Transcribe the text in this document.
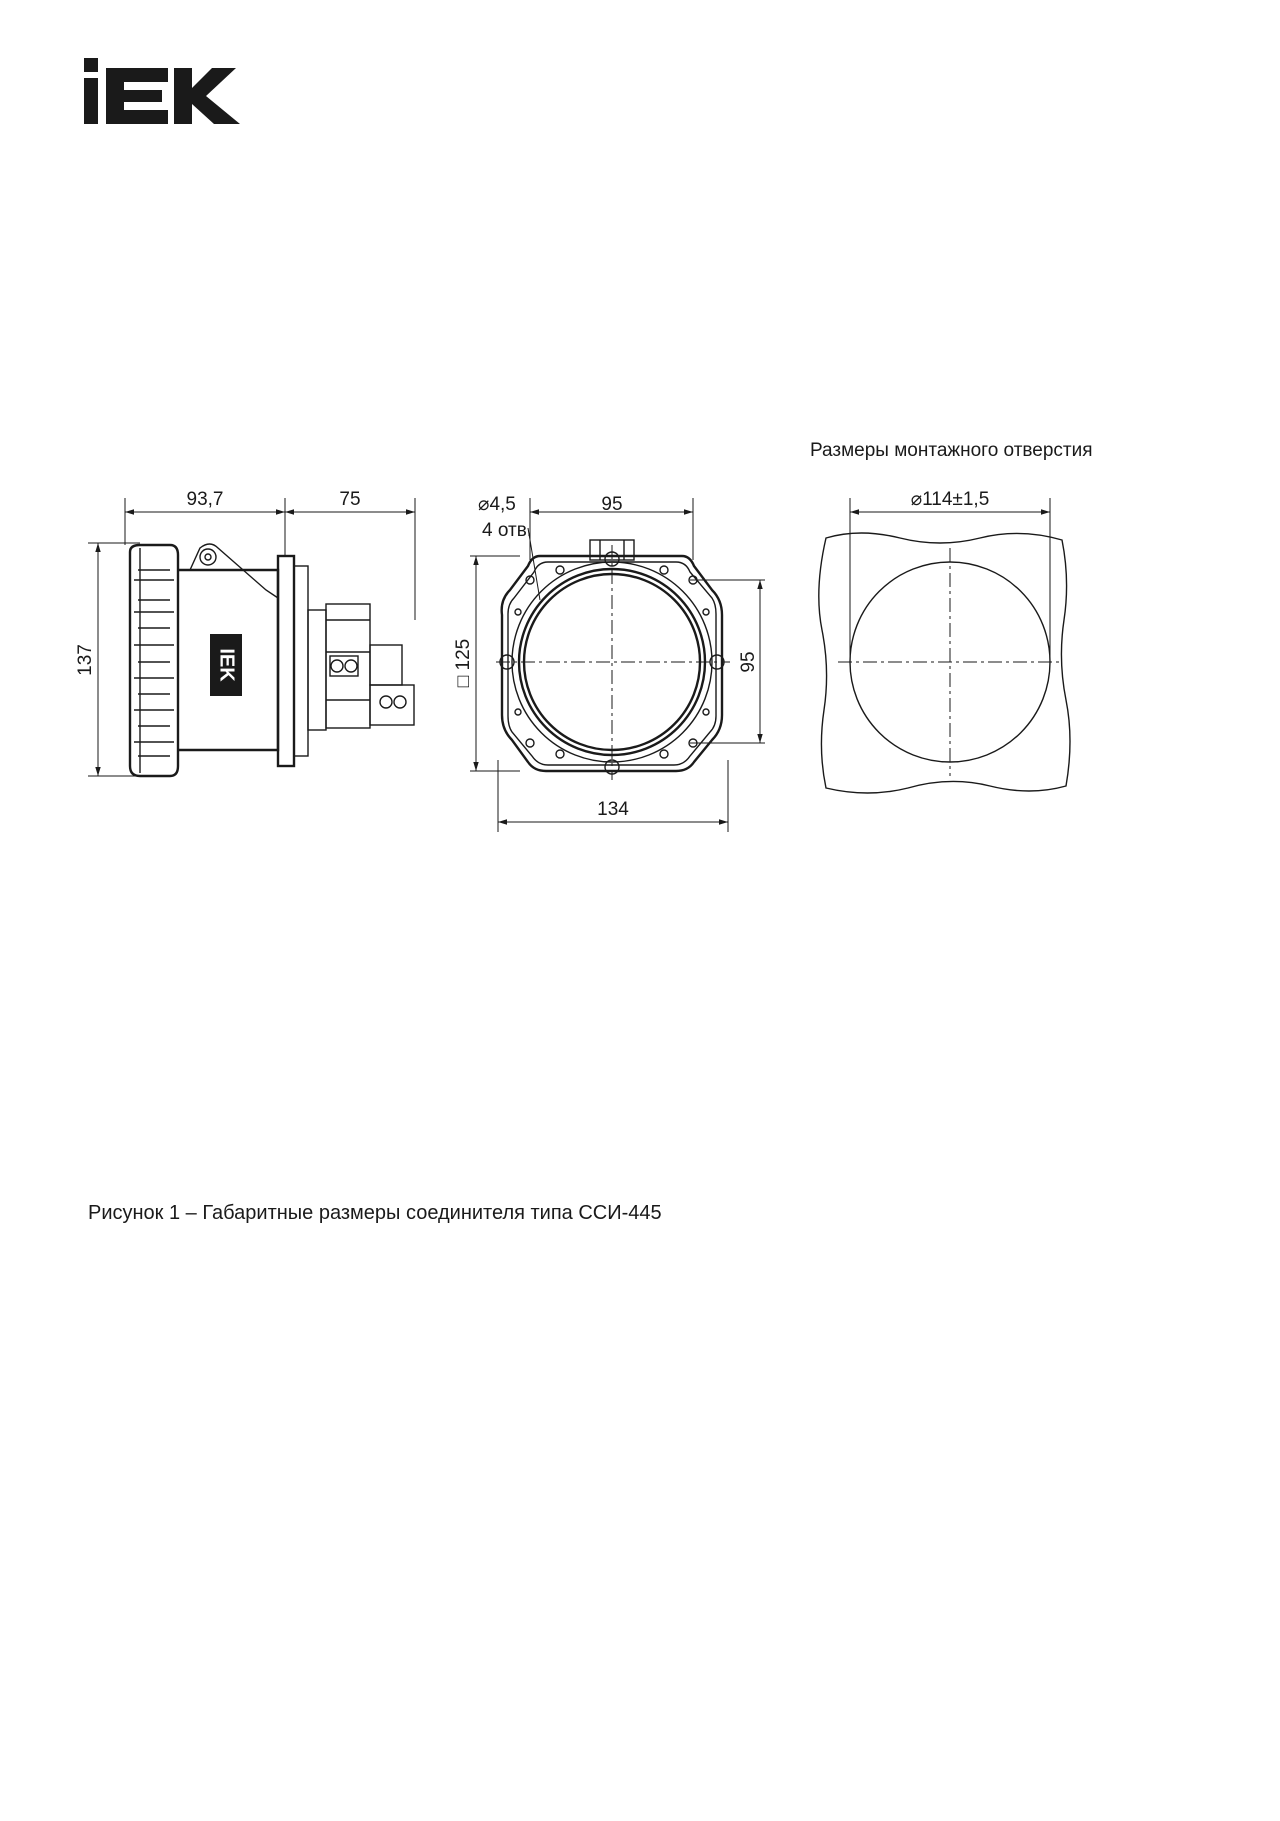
IEK
93,7	75
137
⌀4,5
4 отв.
95
□ 125	95
134
⌀114±1,5
Размеры монтажного отверстия
Рисунок 1 – Габаритные размеры соединителя типа ССИ-445
